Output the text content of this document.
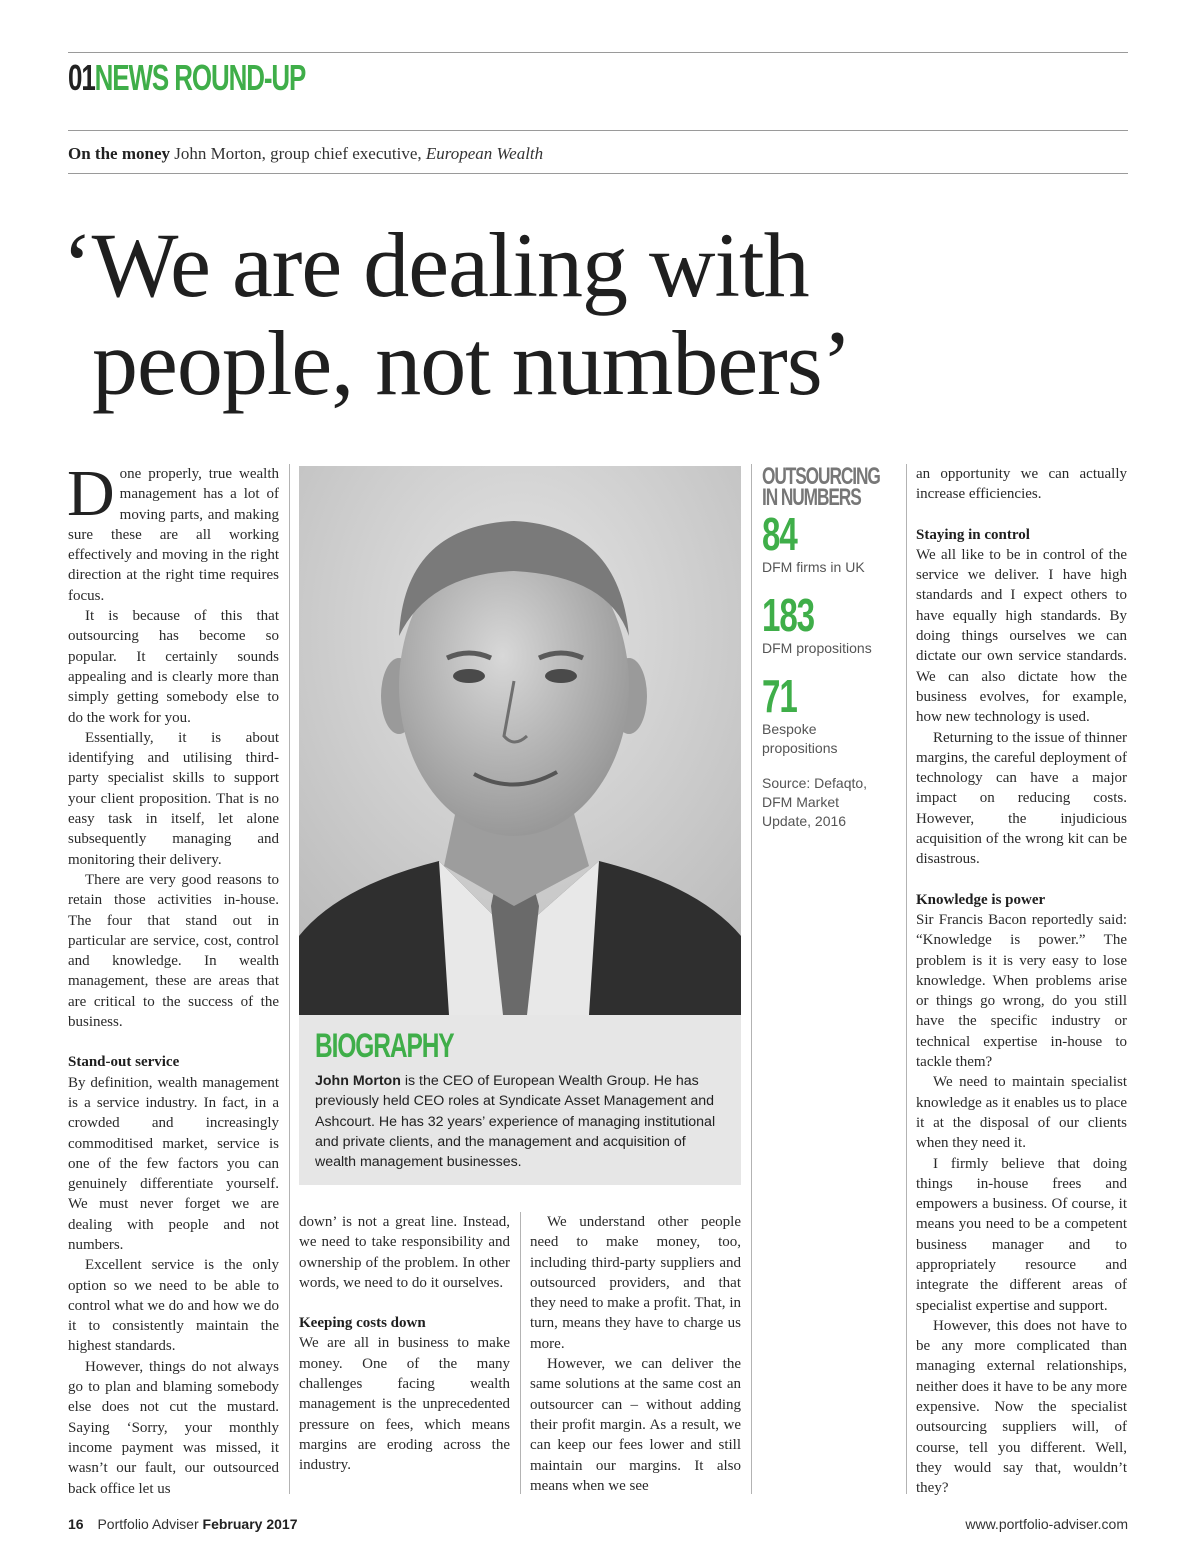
01NEWS ROUND-UP
On the money John Morton, group chief executive, European Wealth
‘We are dealing with
people, not numbers’

Done properly, true wealth management has a lot of moving parts, and making sure these are all working effectively and moving in the right direction at the right time requires focus.

It is because of this that outsourcing has become so popular. It certainly sounds appealing and is clearly more than simply getting somebody else to do the work for you.

Essentially, it is about identifying and utilising third-party specialist skills to support your client proposition. That is no easy task in itself, let alone subsequently managing and monitoring their delivery.

There are very good reasons to retain those activities in-house. The four that stand out in particular are service, cost, control and knowledge. In wealth management, these are areas that are critical to the success of the business.

Stand-out service

By definition, wealth management is a service industry. In fact, in a crowded and increasingly commoditised market, service is one of the few factors you can genuinely differentiate yourself. We must never forget we are dealing with people and not numbers.

Excellent service is the only option so we need to be able to control what we do and how we do it to consistently maintain the highest standards.

However, things do not always go to plan and blaming somebody else does not cut the mustard. Saying ‘Sorry, your monthly income payment was missed, it wasn’t our fault, our outsourced back office let us

BIOGRAPHY
John Morton is the CEO of European Wealth Group. He has previously held CEO roles at Syndicate Asset Management and Ashcourt. He has 32 years’ experience of managing institutional and private clients, and the management and acquisition of wealth management businesses.
OUTSOURCING
IN NUMBERS
84
DFM firms in UK
183
DFM propositions
71
Bespoke propositions
Source: Defaqto, DFM Market Update, 2016

down’ is not a great line. Instead, we need to take responsibility and ownership of the problem. In other words, we need to do it ourselves.

Keeping costs down

We are all in business to make money. One of the many challenges facing wealth management is the unprecedented pressure on fees, which means margins are eroding across the industry.

We understand other people need to make money, too, including third-party suppliers and outsourced providers, and that they need to make a profit. That, in turn, means they have to charge us more.

However, we can deliver the same solutions at the same cost an outsourcer can – without adding their profit margin. As a result, we can keep our fees lower and still maintain our margins. It also means when we see

an opportunity we can actually increase efficiencies.

Staying in control

We all like to be in control of the service we deliver. I have high standards and I expect others to have equally high standards. By doing things ourselves we can dictate our own service standards. We can also dictate how the business evolves, for example, how new technology is used.

Returning to the issue of thinner margins, the careful deployment of technology can have a major impact on reducing costs. However, the injudicious acquisition of the wrong kit can be disastrous.

Knowledge is power

Sir Francis Bacon reportedly said: “Knowledge is power.” The problem is it is very easy to lose knowledge. When problems arise or things go wrong, do you still have the specific industry or technical expertise in-house to tackle them?

We need to maintain specialist knowledge as it enables us to place it at the disposal of our clients when they need it.

I firmly believe that doing things in-house frees and empowers a business. Of course, it means you need to be a competent business manager and to appropriately resource and integrate the different areas of specialist expertise and support.

However, this does not have to be any more complicated than managing external relationships, neither does it have to be any more expensive. Now the specialist outsourcing suppliers will, of course, tell you different. Well, they would say that, wouldn’t they?

16 Portfolio Adviser February 2017	www.portfolio-adviser.com
